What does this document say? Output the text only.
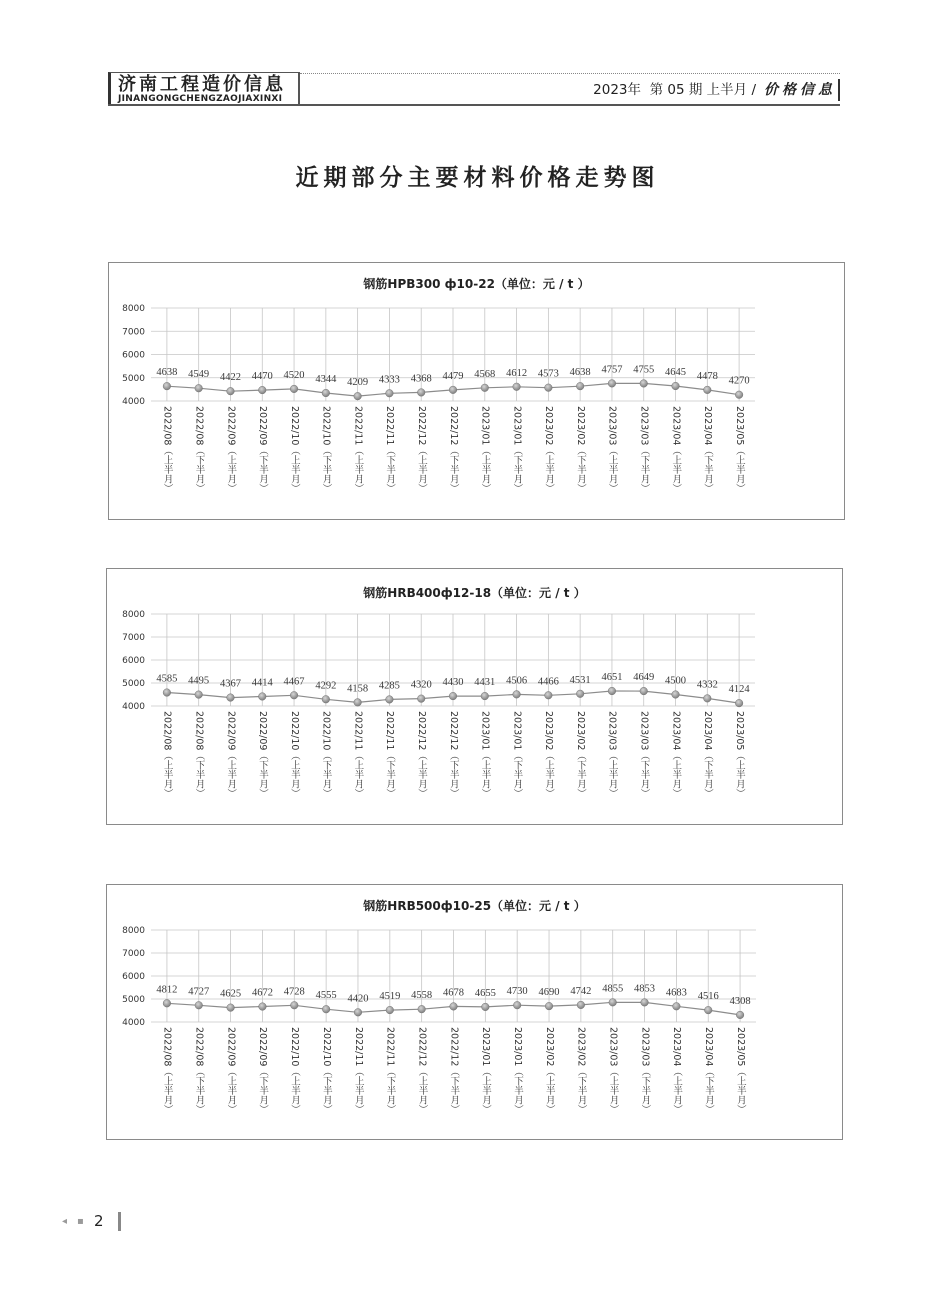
济南工程造价信息
JINANGONGCHENGZAOJIAXINXI
2023年  第 05 期 上半月 / 价格信息
近期部分主要材料价格走势图
钢筋HPB300 ф10-22（单位：元 / t ）
8000
7000
6000
5000
4000
4638 4549 4422 4470 4520 4344 4209 4333 4368 4479 4568 4612 4573 4638 4757 4755 4645 4478 4270
2022/08（上半月） 2022/08（下半月） 2022/09（上半月） 2022/09（下半月） 2022/10（上半月） 2022/10（下半月） 2022/11（上半月） 2022/11（下半月） 2022/12（上半月） 2022/12（下半月） 2023/01（上半月） 2023/01（下半月） 2023/02（上半月） 2023/02（下半月） 2023/03（上半月） 2023/03（下半月） 2023/04（上半月） 2023/04（下半月） 2023/05（上半月）
钢筋HRB400ф12-18（单位：元 / t ）
8000
7000
6000
5000
4000
4585 4495 4367 4414 4467 4292 4158 4285 4320 4430 4431 4506 4466 4531 4651 4649 4500 4332 4124
2022/08（上半月） 2022/08（下半月） 2022/09（上半月） 2022/09（下半月） 2022/10（上半月） 2022/10（下半月） 2022/11（上半月） 2022/11（下半月） 2022/12（上半月） 2022/12（下半月） 2023/01（上半月） 2023/01（下半月） 2023/02（上半月） 2023/02（下半月） 2023/03（上半月） 2023/03（下半月） 2023/04（上半月） 2023/04（下半月） 2023/05（上半月）
钢筋HRB500ф10-25（单位：元 / t ）
8000
7000
6000
5000
4000
4812 4727 4625 4672 4728 4555 4420 4519 4558 4678 4655 4730 4690 4742 4855 4853 4683 4516 4308
2022/08（上半月） 2022/08（下半月） 2022/09（上半月） 2022/09（下半月） 2022/10（上半月） 2022/10（下半月） 2022/11（上半月） 2022/11（下半月） 2022/12（上半月） 2022/12（下半月） 2023/01（上半月） 2023/01（下半月） 2023/02（上半月） 2023/02（下半月） 2023/03（上半月） 2023/03（下半月） 2023/04（上半月） 2023/04（下半月） 2023/05（上半月）
◂ ▪ 2
